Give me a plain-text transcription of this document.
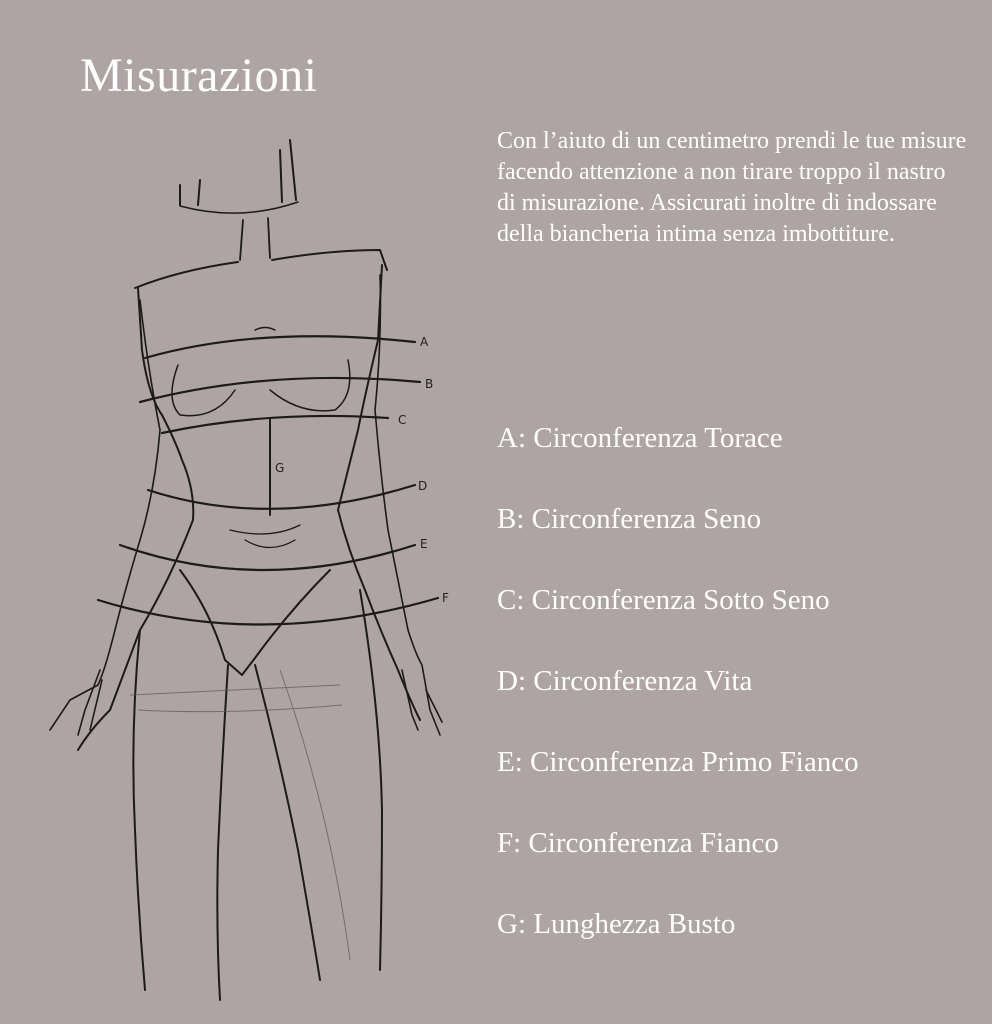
Misurazioni
A
B
C
D
E
F
G

Con l’aiuto di un centimetro prendi le tue misure facendo attenzione a non tirare troppo il nastro di misurazione. Assicurati inoltre di indossare della biancheria intima senza imbottiture.

A: Circonferenza Torace
B: Circonferenza Seno
C: Circonferenza Sotto Seno
D: Circonferenza Vita
E: Circonferenza Primo Fianco
F: Circonferenza Fianco
G: Lunghezza Busto
